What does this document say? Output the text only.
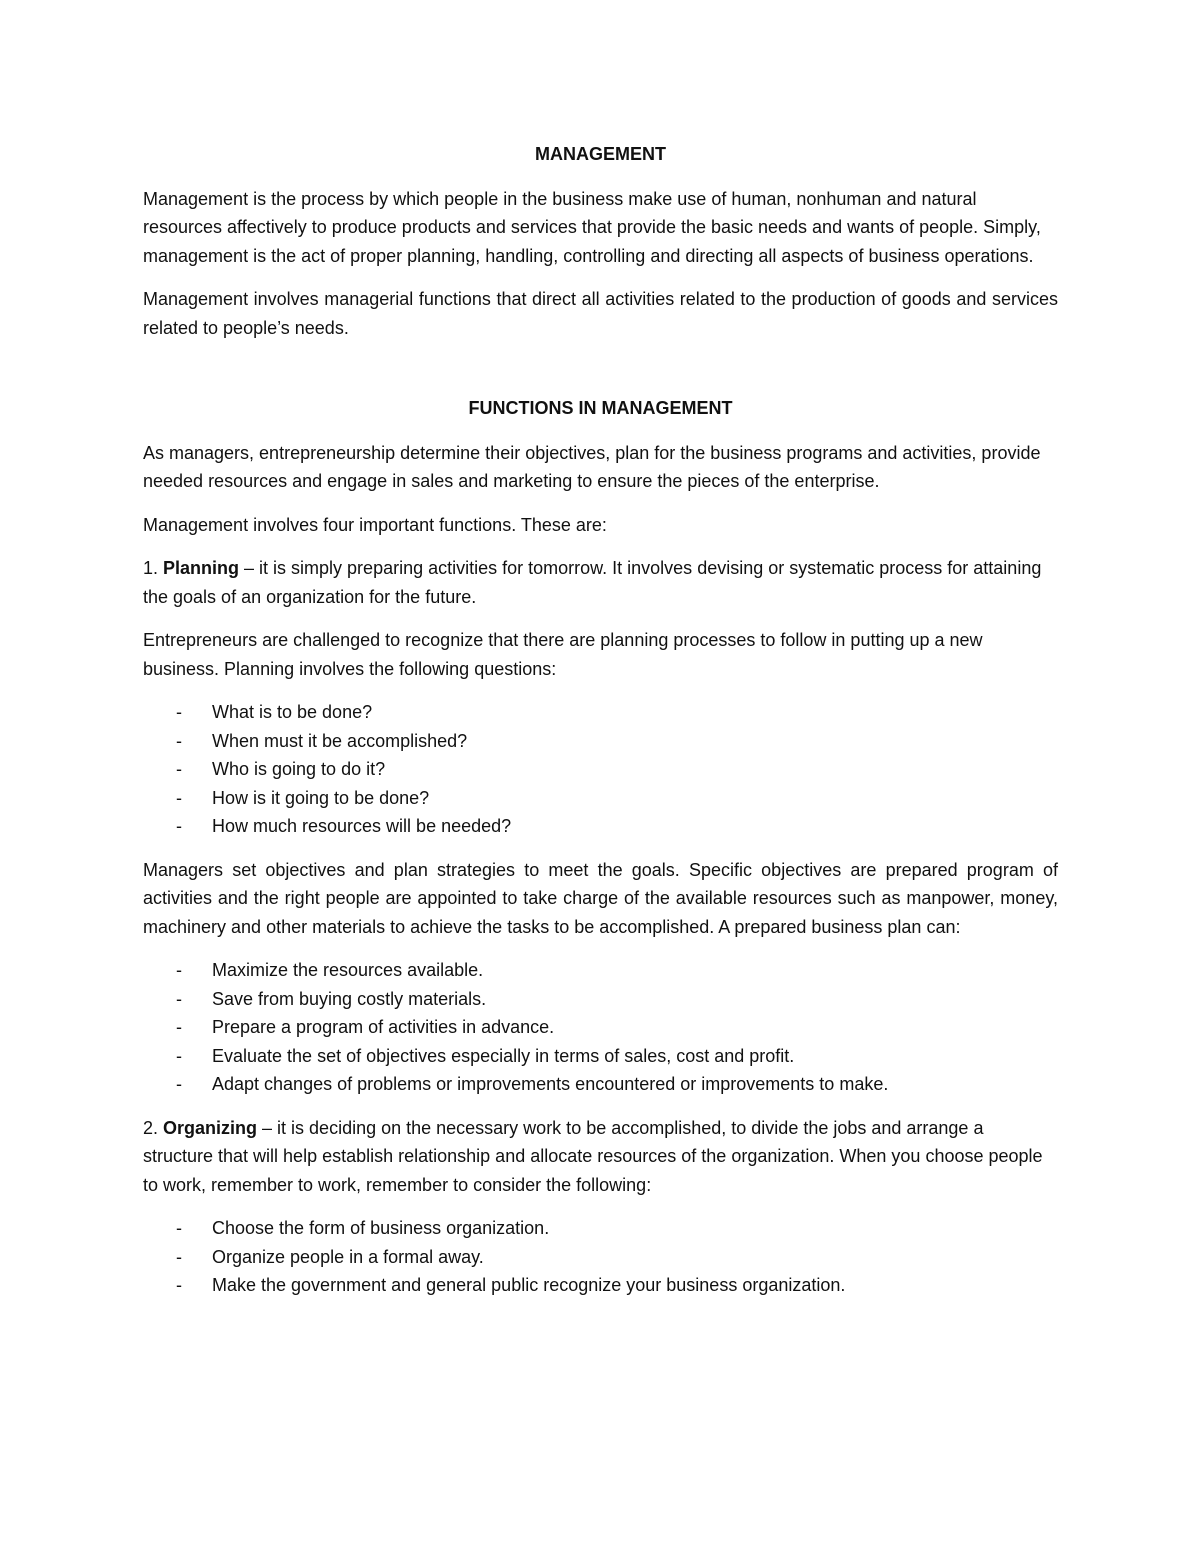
MANAGEMENT

Management is the process by which people in the business make use of human, nonhuman and natural resources affectively to produce products and services that provide the basic needs and wants of people. Simply, management is the act of proper planning, handling, controlling and directing all aspects of business operations.

Management involves managerial functions that direct all activities related to the production of goods and services related to people’s needs.

FUNCTIONS IN MANAGEMENT

As managers, entrepreneurship determine their objectives, plan for the business programs and activities, provide needed resources and engage in sales and marketing to ensure the pieces of the enterprise.

Management involves four important functions. These are:

1. Planning – it is simply preparing activities for tomorrow. It involves devising or systematic process for attaining the goals of an organization for the future.

Entrepreneurs are challenged to recognize that there are planning processes to follow in putting up a new business. Planning involves the following questions:

- What is to be done?
- When must it be accomplished?
- Who is going to do it?
- How is it going to be done?
- How much resources will be needed?

Managers set objectives and plan strategies to meet the goals. Specific objectives are prepared program of activities and the right people are appointed to take charge of the available resources such as manpower, money, machinery and other materials to achieve the tasks to be accomplished. A prepared business plan can:

- Maximize the resources available.
- Save from buying costly materials.
- Prepare a program of activities in advance.
- Evaluate the set of objectives especially in terms of sales, cost and profit.
- Adapt changes of problems or improvements encountered or improvements to make.

2. Organizing – it is deciding on the necessary work to be accomplished, to divide the jobs and arrange a structure that will help establish relationship and allocate resources of the organization. When you choose people to work, remember to work, remember to consider the following:

- Choose the form of business organization.
- Organize people in a formal away.
- Make the government and general public recognize your business organization.
